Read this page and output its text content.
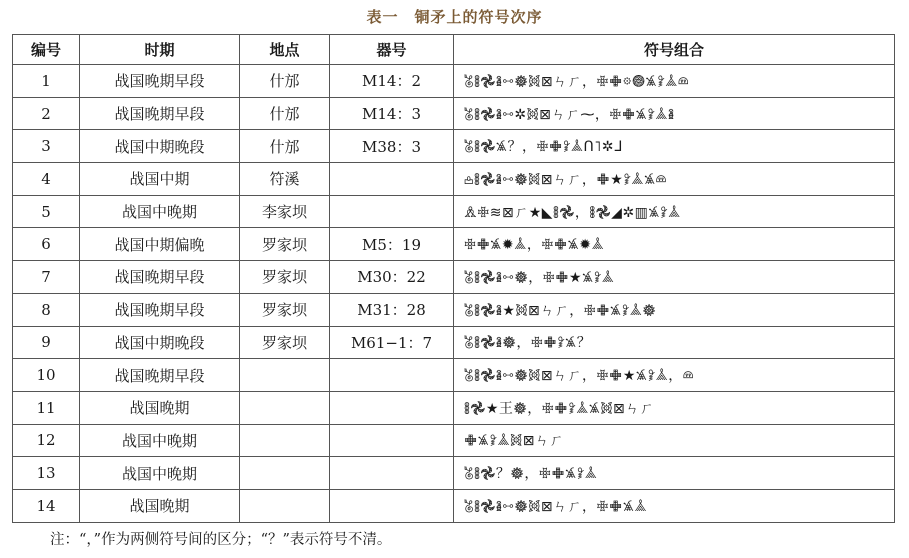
表一　铜矛上的符号次序
编号	时期	地点	器号	符号组合
1	战国晚期早段	什邡	M14：2	𖡄𖢞𖣘𖡐𖢊𖣔𖡨⊠ㄣㄏ，𖢖𖢒𖡼𖣐𖡚𖢦𖣰𖡘
2	战国晚期早段	什邡	M14：3	𖡄𖢞𖣘𖡐𖢊✲𖡨⊠ㄣㄏ⁓，𖢖𖢒𖡚𖢦𖣰𖡐
3	战国中期晚段	什邡	M38：3	𖡄𖢞𖣘𖡚？，𖢖𖢒𖢦𖣰ᑎ˥✲ᒧ
4	战国中期	符溪		𖡌𖢞𖣘𖡐𖢊𖣔𖡨⊠ㄣㄏ，𖢒★𖢦𖣰𖡚𖡘
5	战国中晚期	李家坝		𖡝𖢖≋⊠ㄏ★◣𖢞𖣘，𖢞𖣘◢✲▥𖡚𖢦𖣰
6	战国中期偏晚	罗家坝	M5：19	𖢖𖢒𖡚✹𖣰，𖢖𖢒𖡚✹𖣰
7	战国晚期早段	罗家坝	M30：22	𖡄𖢞𖣘𖡐𖢊𖣔，𖢖𖢒★𖡚𖢦𖣰
8	战国晚期早段	罗家坝	M31：28	𖡄𖢞𖣘𖡐★𖡨⊠ㄣㄏ，𖢖𖢒𖡚𖢦𖣰𖣔
9	战国中期晚段	罗家坝	M61−1：7	𖡄𖢞𖣘𖡐𖣔，𖢖𖢒𖢦𖡚？
10	战国晚期早段			𖡄𖢞𖣘𖡐𖢊𖣔𖡨⊠ㄣㄏ，𖢖𖢒★𖡚𖢦𖣰，𖡘
11	战国晚期			𖢞𖣘★王𖣔，𖢖𖢒𖢦𖣰𖡚𖡨⊠ㄣㄏ
12	战国中晚期			𖢒𖡚𖢦𖣰𖡨⊠ㄣㄏ
13	战国中晚期			𖡄𖢞𖣘？𖣔，𖢖𖢒𖡚𖢦𖣰
14	战国晚期			𖡄𖢞𖣘𖡐𖢊𖣔𖡨⊠ㄣㄏ，𖢖𖢒𖡚𖣰
注：“，”作为两侧符号间的区分；“？”表示符号不清。
